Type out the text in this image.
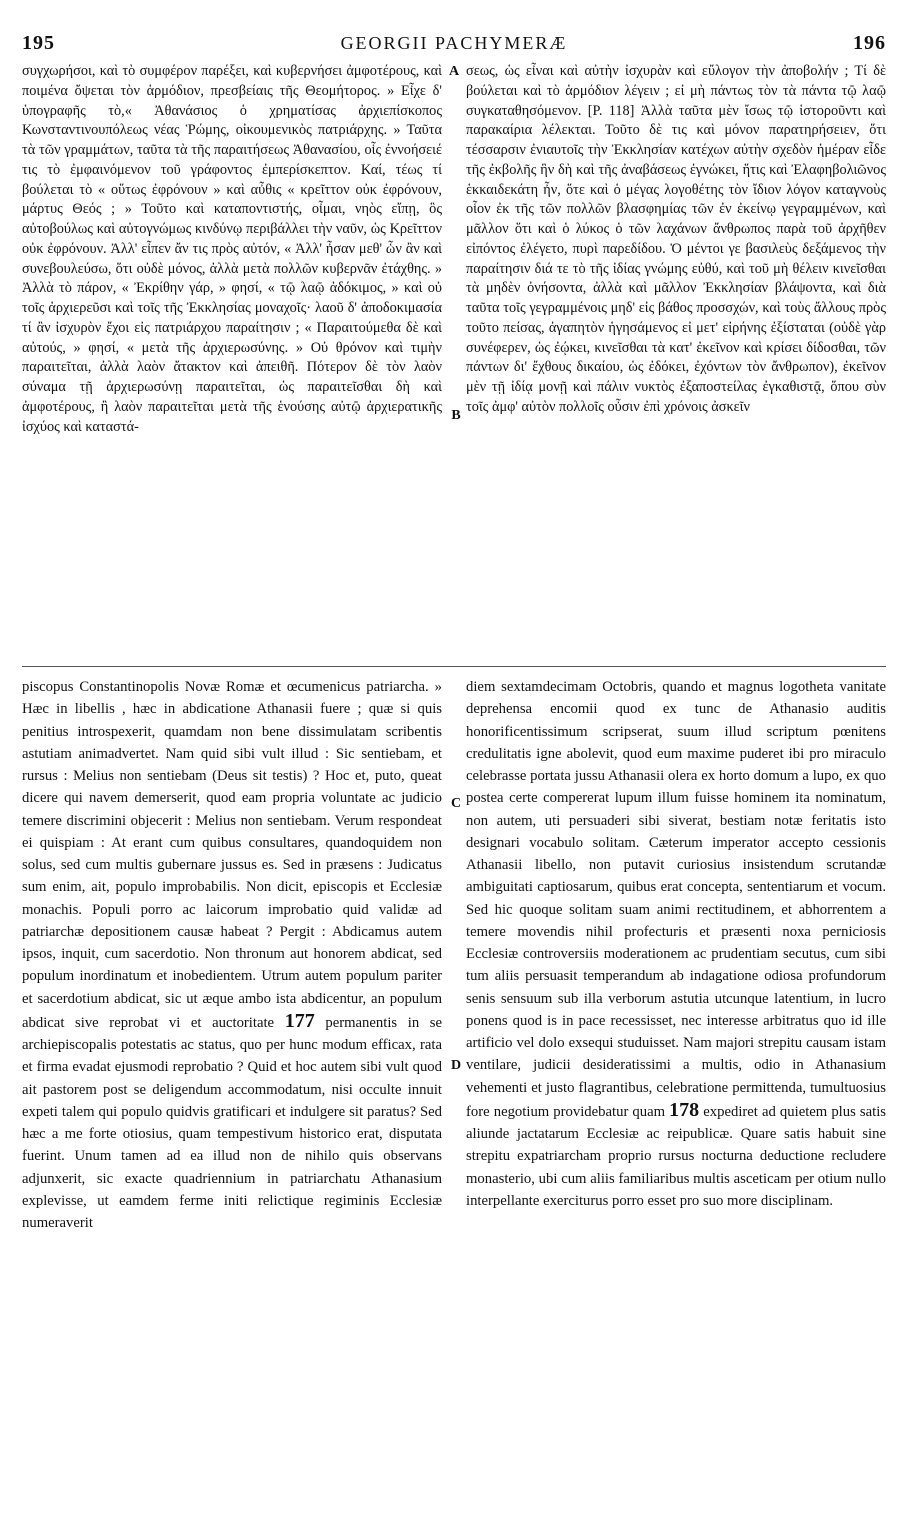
195	GEORGII PACHYMERÆ	196

συγχωρήσοι, καὶ τὸ συμφέρον παρέξει, καὶ κυβερνήσει ἀμφοτέρους, καὶ ποιμένα ὄψεται τὸν ἁρμόδιον, πρεσβείαις τῆς Θεομήτορος. » Εἶχε δ' ὑπογραφῆς τὸ,« Ἀθανάσιος ὁ χρηματίσας ἀρχιεπίσκοπος Κωνσταντινουπόλεως νέας Ῥώμης, οἰκουμενικὸς πατριάρχης. » Ταῦτα τὰ τῶν γραμμάτων, ταῦτα τὰ τῆς παραιτήσεως Ἀθανασίου, οἷς ἐννοήσειέ τις τὸ ἐμφαινόμενον τοῦ γράφοντος ἐμπερίσκεπτον. Καί, τέως τί βούλεται τὸ « οὕτως ἐφρόνουν » καὶ αὖθις « κρεῖττον οὐκ ἐφρόνουν, μάρτυς Θεός ; » Τοῦτο καὶ καταποντιστής, οἶμαι, νηὸς εἴπῃ, ὃς αὐτοβούλως καὶ αὐτογνώμως κινδύνῳ περιβάλλει τὴν ναῦν, ὡς Κρεῖττον οὐκ ἐφρόνουν. Ἀλλ' εἶπεν ἄν τις πρὸς αὐτόν, « Ἀλλ' ἦσαν μεθ' ὧν ἂν καὶ συνεβουλεύσω, ὅτι οὐδὲ μόνος, ἀλλὰ μετὰ πολλῶν κυβερνᾶν ἐτάχθης. » Ἀλλὰ τὸ πάρον, « Ἐκρίθην γάρ, » φησί, « τῷ λαῷ ἀδόκιμος, » καὶ οὐ τοῖς ἀρχιερεῦσι καὶ τοῖς τῆς Ἐκκλησίας μοναχοῖς· λαοῦ δ' ἀποδοκιμασία τί ἂν ἰσχυρὸν ἔχοι εἰς πατριάρχου παραίτησιν ; « Παραιτούμεθα δὲ καὶ αὐτούς, » φησί, « μετὰ τῆς ἀρχιερωσύνης. » Οὐ θρόνον καὶ τιμὴν παραιτεῖται, ἀλλὰ λαὸν ἄτακτον καὶ ἀπειθῆ. Πότερον δὲ τὸν λαὸν σύναμα τῇ ἀρχιερωσύνῃ παραιτεῖται, ὡς παραιτεῖσθαι δὴ καὶ ἀμφοτέρους, ἢ λαὸν παραιτεῖται μετὰ τῆς ἑνούσης αὐτῷ ἀρχιερατικῆς ἰσχύος καὶ καταστά-

σεως, ὡς εἶναι καὶ αὐτὴν ἰσχυρὰν καὶ εὔλογον τὴν ἀποβολήν ; Τί δὲ βούλεται καὶ τὸ ἁρμόδιον λέγειν ; εἰ μὴ πάντως τὸν τὰ πάντα τῷ λαῷ συγκαταθησόμενον. [P. 118] Ἀλλὰ ταῦτα μὲν ἴσως τῷ ἱστοροῦντι καὶ παρακαίρια λέλεκται. Τοῦτο δὲ τις καὶ μόνον παρατηρήσειεν, ὅτι τέσσαρσιν ἐνιαυτοῖς τὴν Ἐκκλησίαν κατέχων αὐτὴν σχεδὸν ἡμέραν εἶδε τῆς ἐκβολῆς ἣν δὴ καὶ τῆς ἀναβάσεως ἐγνώκει, ἥτις καὶ Ἐλαφηβολιῶνος ἑκκαιδεκάτη ἦν, ὅτε καὶ ὁ μέγας λογοθέτης τὸν ἴδιον λόγον καταγνοὺς οἷον ἐκ τῆς τῶν πολλῶν βλασφημίας τῶν ἐν ἐκείνῳ γεγραμμένων, καὶ μᾶλλον ὅτι καὶ ὁ λύκος ὁ τῶν λαχάνων ἄνθρωπος παρὰ τοῦ ἀρχῆθεν εἰπόντος ἐλέγετο, πυρὶ παρεδίδου. Ὁ μέντοι γε βασιλεὺς δεξάμενος τὴν παραίτησιν διά τε τὸ τῆς ἰδίας γνώμης εὐθύ, καὶ τοῦ μὴ θέλειν κινεῖσθαι τὰ μηδὲν ὀνήσοντα, ἀλλὰ καὶ μᾶλλον Ἐκκλησίαν βλάψοντα, καὶ διὰ ταῦτα τοῖς γεγραμμένοις μηδ' εἰς βάθος προσσχών, καὶ τοὺς ἄλλους πρὸς τοῦτο πείσας, ἀγαπητὸν ἡγησάμενος εἰ μετ' εἰρήνης ἐξίσταται (οὐδὲ γὰρ συνέφερεν, ὡς ἐῴκει, κινεῖσθαι τὰ κατ' ἐκεῖνον καὶ κρίσει δίδοσθαι, τῶν πάντων δι' ἔχθους δικαίου, ὡς ἐδόκει, ἐχόντων τὸν ἄνθρωπον), ἐκεῖνον μὲν τῇ ἰδίᾳ μονῇ καὶ πάλιν νυκτὸς ἐξαποστείλας ἐγκαθιστᾷ, ὅπου σὺν τοῖς ἀμφ' αὐτὸν πολλοῖς οὖσιν ἐπὶ χρόνοις ἀσκεῖν

A
B
C
D

piscopus Constantinopolis Novæ Romæ et œcumenicus patriarcha. » Hæc in libellis , hæc in abdicatione Athanasii fuere ; quæ si quis penitius introspexerit, quamdam non bene dissimulatam scribentis astutiam animadvertet. Nam quid sibi vult illud : Sic sentiebam, et rursus : Melius non sentiebam (Deus sit testis) ? Hoc et, puto, queat dicere qui navem demerserit, quod eam propria voluntate ac judicio temere discrimini objecerit : Melius non sentiebam. Verum respondeat ei quispiam : At erant cum quibus consultares, quandoquidem non solus, sed cum multis gubernare jussus es. Sed in præsens : Judicatus sum enim, ait, populo improbabilis. Non dicit, episcopis et Ecclesiæ monachis. Populi porro ac laicorum improbatio quid validæ ad patriarchæ depositionem causæ habeat ? Pergit : Abdicamus autem ipsos, inquit, cum sacerdotio. Non thronum aut honorem abdicat, sed populum inordinatum et inobedientem. Utrum autem populum pariter et sacerdotium abdicat, sic ut æque ambo ista abdicentur, an populum abdicat sive reprobat vi et auctoritate 177 permanentis in se archiepiscopalis potestatis ac status, quo per hunc modum efficax, rata et firma evadat ejusmodi reprobatio ? Quid et hoc autem sibi vult quod ait pastorem post se deligendum accommodatum, nisi occulte innuit expeti talem qui populo quidvis gratificari et indulgere sit paratus? Sed hæc a me forte otiosius, quam tempestivum historico erat, disputata fuerint. Unum tamen ad ea illud non de nihilo quis observans adjunxerit, sic exacte quadriennium in patriarchatu Athanasium explevisse, ut eamdem ferme initi relictique regiminis Ecclesiæ numeraverit

diem sextamdecimam Octobris, quando et magnus logotheta vanitate deprehensa encomii quod ex tunc de Athanasio auditis honorificentissimum scripserat, suum illud scriptum pœnitens credulitatis igne abolevit, quod eum maxime puderet ibi pro miraculo celebrasse portata jussu Athanasii olera ex horto domum a lupo, ex quo postea certe compererat lupum illum fuisse hominem ita nominatum, non autem, uti persuaderi sibi siverat, bestiam notæ feritatis isto designari vocabulo solitam. Cæterum imperator accepto cessionis Athanasii libello, non putavit curiosius insistendum scrutandæ ambiguitati captiosarum, quibus erat concepta, sententiarum et vocum. Sed hic quoque solitam suam animi rectitudinem, et abhorrentem a temere movendis nihil profecturis et præsenti noxa perniciosis Ecclesiæ controversiis moderationem ac prudentiam secutus, cum sibi tum aliis persuasit temperandum ab indagatione odiosa profundorum senis sensuum sub illa verborum astutia utcunque latentium, in lucro ponens quod is in pace recessisset, nec interesse arbitratus quo id ille artificio vel dolo exsequi studuisset. Nam majori strepitu causam istam ventilare, judicii desideratissimi a multis, odio in Athanasium vehementi et justo flagrantibus, celebratione permittenda, tumultuosius fore negotium providebatur quam 178 expediret ad quietem plus satis aliunde jactatarum Ecclesiæ ac reipublicæ. Quare satis habuit sine strepitu expatriarcham proprio rursus nocturna deductione recludere monasterio, ubi cum aliis familiaribus multis asceticam per otium nullo interpellante exerciturus porro esset pro suo more disciplinam.
